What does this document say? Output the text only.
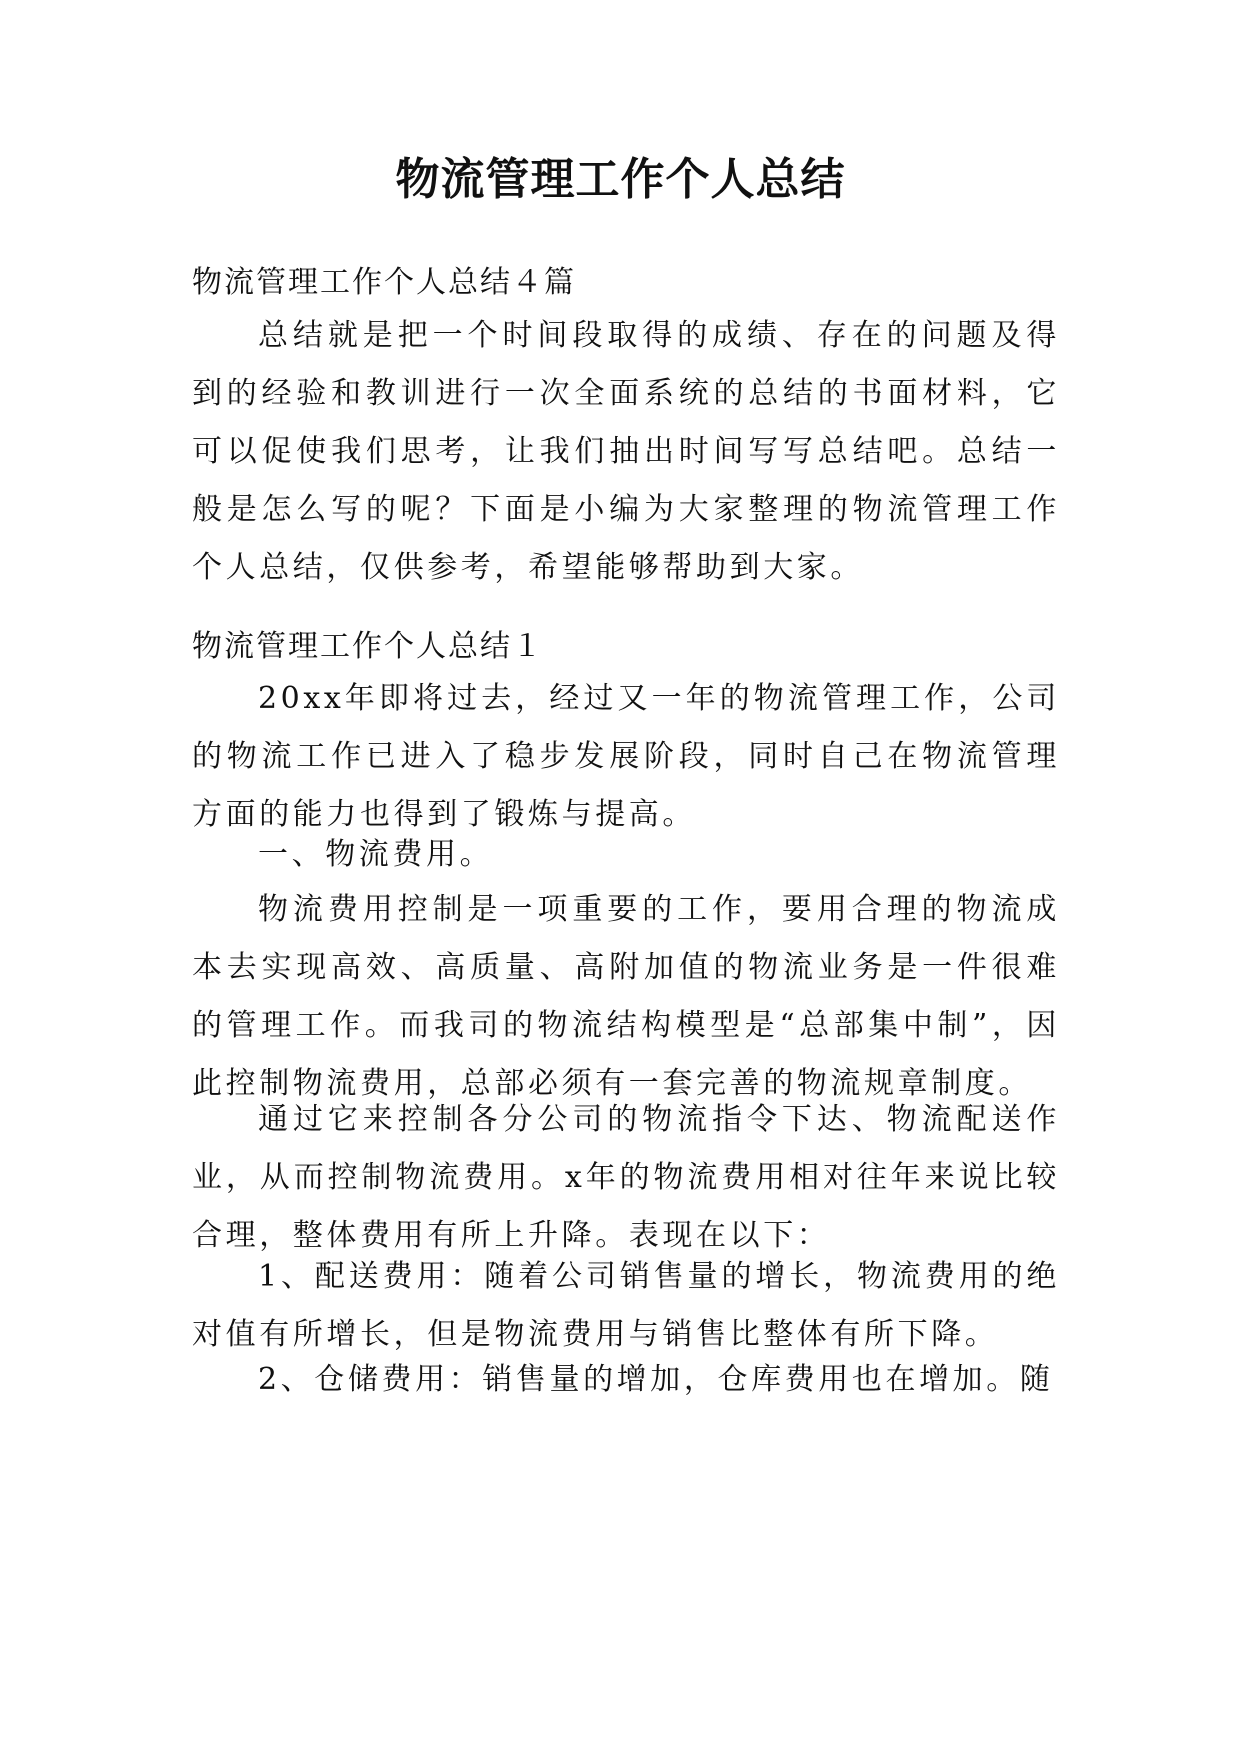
物流管理工作个人总结
物流管理工作个人总结４篇
总结就是把一个时间段取得的成绩、存在的问题及得到的经验和教训进行一次全面系统的总结的书面材料，它可以促使我们思考，让我们抽出时间写写总结吧。总结一般是怎么写的呢？下面是小编为大家整理的物流管理工作个人总结，仅供参考，希望能够帮助到大家。
物流管理工作个人总结１
20xx年即将过去，经过又一年的物流管理工作，公司的物流工作已进入了稳步发展阶段，同时自己在物流管理方面的能力也得到了锻炼与提高。
一、物流费用。
物流费用控制是一项重要的工作，要用合理的物流成本去实现高效、高质量、高附加值的物流业务是一件很难的管理工作。而我司的物流结构模型是“总部集中制”，因此控制物流费用，总部必须有一套完善的物流规章制度。
通过它来控制各分公司的物流指令下达、物流配送作业，从而控制物流费用。x年的物流费用相对往年来说比较合理，整体费用有所上升降。表现在以下：
1、配送费用：随着公司销售量的增长，物流费用的绝对值有所增长，但是物流费用与销售比整体有所下降。
2、仓储费用：销售量的增加，仓库费用也在增加。随
